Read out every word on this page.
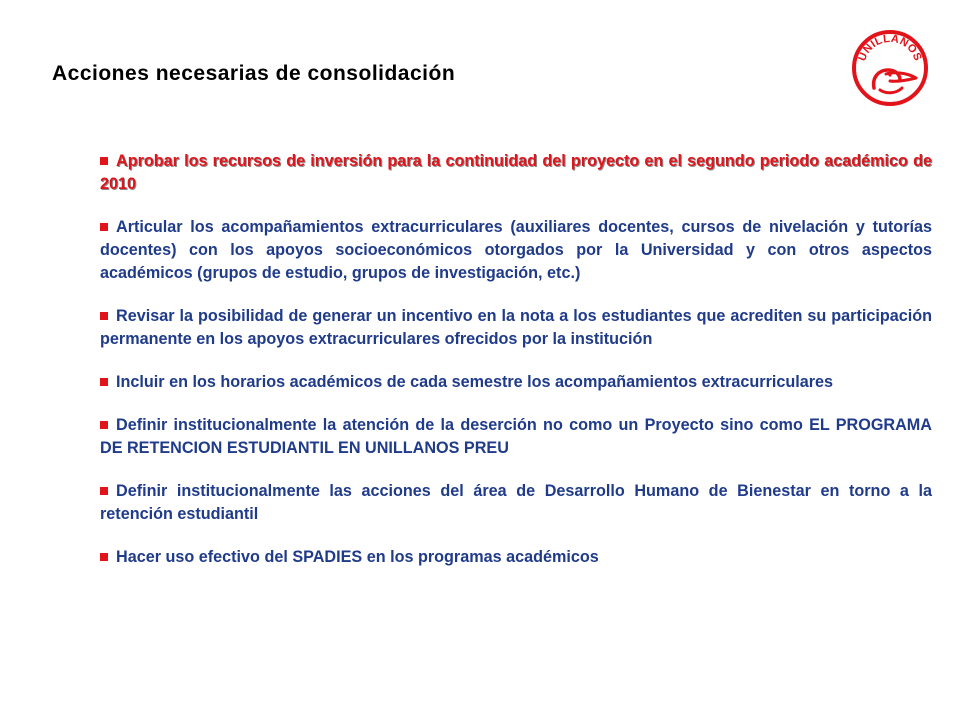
Acciones necesarias de consolidación
UNILLANOS

Aprobar los recursos de inversión para la continuidad del proyecto en el segundo periodo académico de 2010

Articular los acompañamientos extracurriculares (auxiliares docentes, cursos de nivelación y tutorías docentes) con los apoyos socioeconómicos otorgados por la Universidad y con otros aspectos académicos (grupos de estudio, grupos de investigación, etc.)

Revisar la posibilidad de generar un incentivo en la nota a los estudiantes que acrediten su participación permanente en los apoyos extracurriculares ofrecidos por la institución

Incluir en los horarios académicos de cada semestre los acompañamientos extracurriculares

Definir institucionalmente la atención de la deserción no como un Proyecto sino como EL PROGRAMA DE RETENCION ESTUDIANTIL EN UNILLANOS PREU

Definir institucionalmente las acciones del área de Desarrollo Humano de Bienestar en torno a la retención estudiantil

Hacer uso efectivo del SPADIES en los programas académicos
